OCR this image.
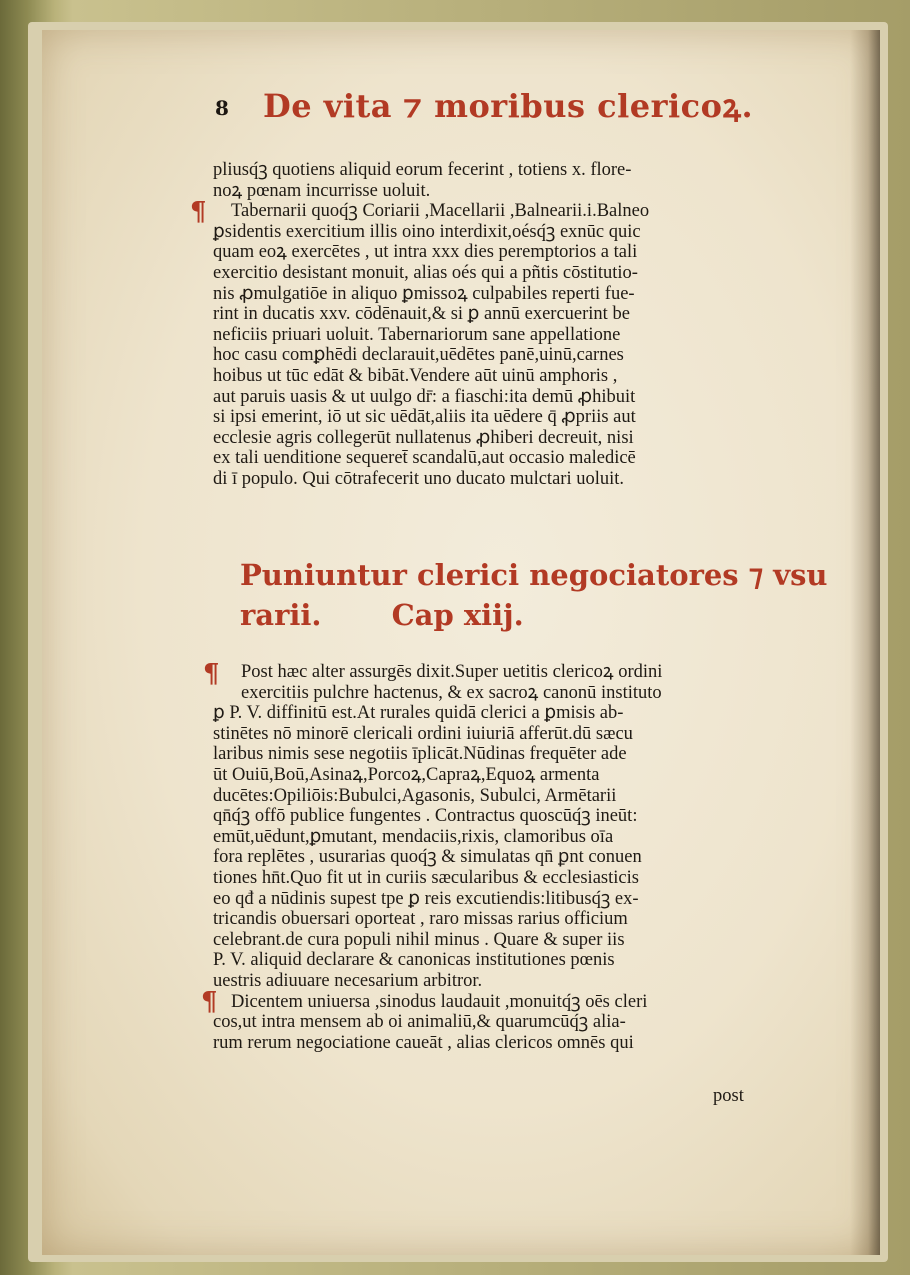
8 De vita ⁊ moribus clericoꝝ.
pliusq́ꝫ quotiens aliquid eorum fecerint , totiens x. flore-
noꝝ pœnam incurrisse uoluit.
¶	Tabernarii quoq́ꝫ Coriarii ,Macellarii ,Balnearii.i.Balneo
ꝑsidentis exercitium illis oino interdixit,oésq́ꝫ exnūc quic
quam eoꝝ exercētes , ut intra xxx dies peremptorios a tali
exercitio desistant monuit, alias oés qui a pñtis cōstitutio-
nis ꝓmulgatiōe in aliquo ꝑmissoꝝ culpabiles reperti fue-
rint in ducatis xxv. cōdēnauit,& si ꝑ annū exercuerint be
neficiis priuari uoluit. Tabernariorum sane appellatione
hoc casu comꝑhēdi declarauit,uēdētes panē,uinū,carnes
hoibus ut tūc edāt & bibāt.Vendere aūt uinū amphoris ,
aut paruis uasis & ut uulgo dr̄: a fiaschi:ita demū ꝓhibuit
si ipsi emerint, iō ut sic uēdāt,aliis ita uēdere q̄ ꝓpriis aut
ecclesie agris collegerūt nullatenus ꝓhiberi decreuit, nisi
ex tali uenditione sequeret̄ scandalū,aut occasio maledicē
di ī populo. Qui cōtrafecerit uno ducato mulctari uoluit.
Puniuntur clerici negociatores ⁊ vsu
rarii. Cap xiij.
¶	Post hæc alter assurgēs dixit.Super uetitis clericoꝝ ordini
exercitiis pulchre hactenus, & ex sacroꝝ canonū instituto
ꝑ P. V. diffinitū est.At rurales quidā clerici a ꝑmisis ab-
stinētes nō minorē clericali ordini iuiuriā afferūt.dū sæcu
laribus nimis sese negotiis īplicāt.Nūdinas frequēter ade
ūt Ouiū,Boū,Asinaꝝ,Porcoꝝ,Capraꝝ,Equoꝝ armenta
ducētes:Opiliōis:Bubulci,Agasonis, Subulci, Armētarii
qn̄q́ꝫ offō publice fungentes . Contractus quoscūq́ꝫ ineūt:
emūt,uēdunt,ꝑmutant, mendaciis,rixis, clamoribus oīa
fora replētes , usurarias quoq́ꝫ & simulatas qn̄ ꝑnt conuen
tiones hn̄t.Quo fit ut in curiis sæcularibus & ecclesiasticis
eo qđ a nūdinis supest tpe ꝑ reis excutiendis:litibusq́ꝫ ex-
tricandis obuersari oporteat , raro missas rarius officium
celebrant.de cura populi nihil minus . Quare & super iis
P. V. aliquid declarare & canonicas institutiones pœnis
uestris adiuuare necesarium arbitror.
¶ Dicentem uniuersa ,sinodus laudauit ,monuitq́ꝫ oēs cleri
cos,ut intra mensem ab oi animaliū,& quarumcūq́ꝫ alia-
rum rerum negociatione caueāt , alias clericos omnēs qui
post
